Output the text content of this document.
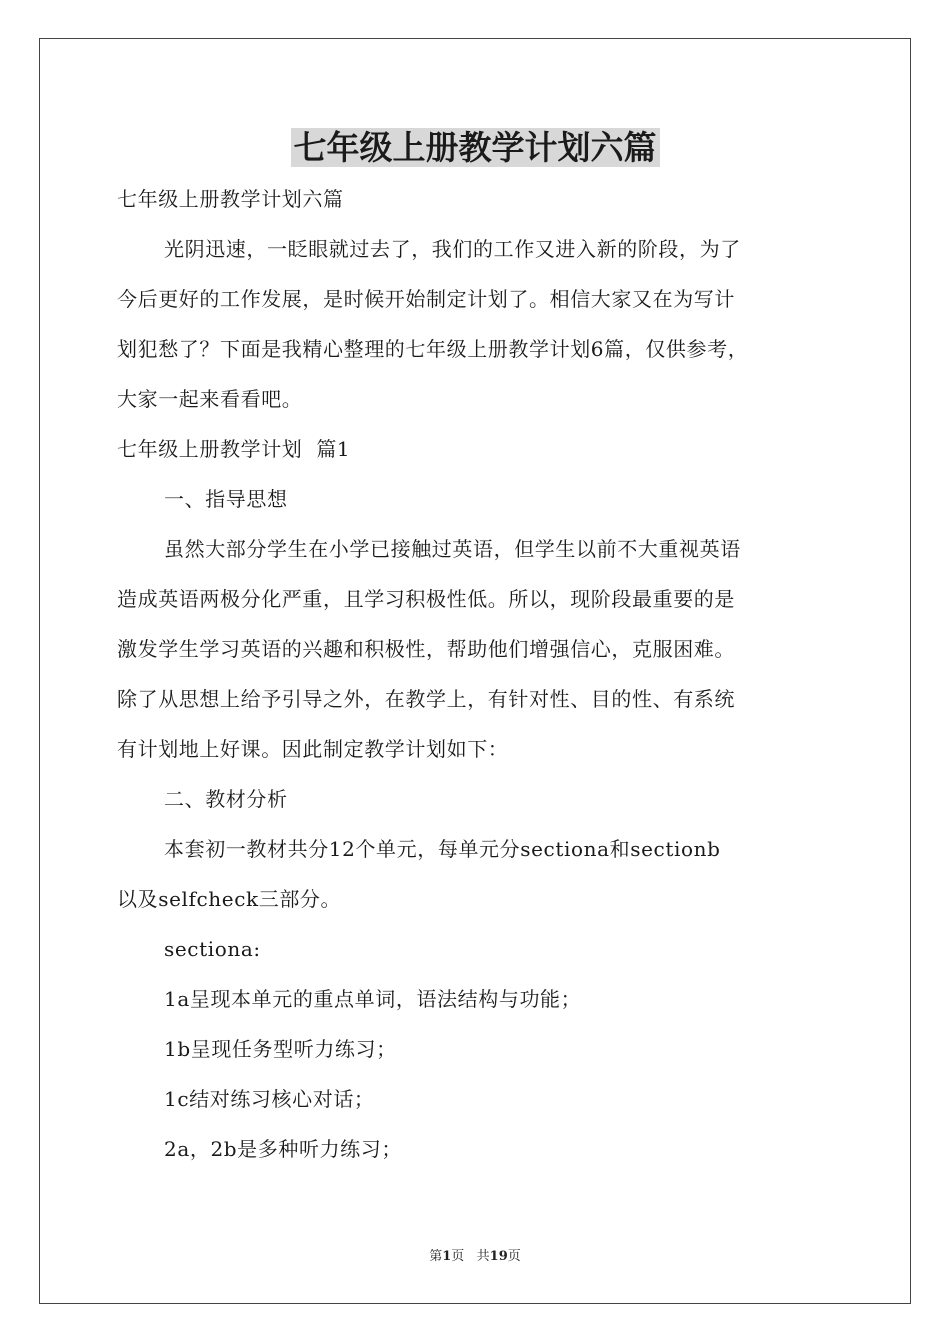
七年级上册教学计划六篇

七年级上册教学计划六篇

光阴迅速，一眨眼就过去了，我们的工作又进入新的阶段，为了

今后更好的工作发展，是时候开始制定计划了。相信大家又在为写计

划犯愁了？下面是我精心整理的七年级上册教学计划6篇，仅供参考，

大家一起来看看吧。

七年级上册教学计划  篇1

一、指导思想

虽然大部分学生在小学已接触过英语，但学生以前不大重视英语

造成英语两极分化严重，且学习积极性低。所以，现阶段最重要的是

激发学生学习英语的兴趣和积极性，帮助他们增强信心，克服困难。

除了从思想上给予引导之外，在教学上，有针对性、目的性、有系统

有计划地上好课。因此制定教学计划如下：

二、教材分析

本套初一教材共分12个单元，每单元分sectiona和sectionb

以及selfcheck三部分。

sectiona:

1a呈现本单元的重点单词，语法结构与功能；

1b呈现任务型听力练习；

1c结对练习核心对话；

2a，2b是多种听力练习；

第1页   共19页
